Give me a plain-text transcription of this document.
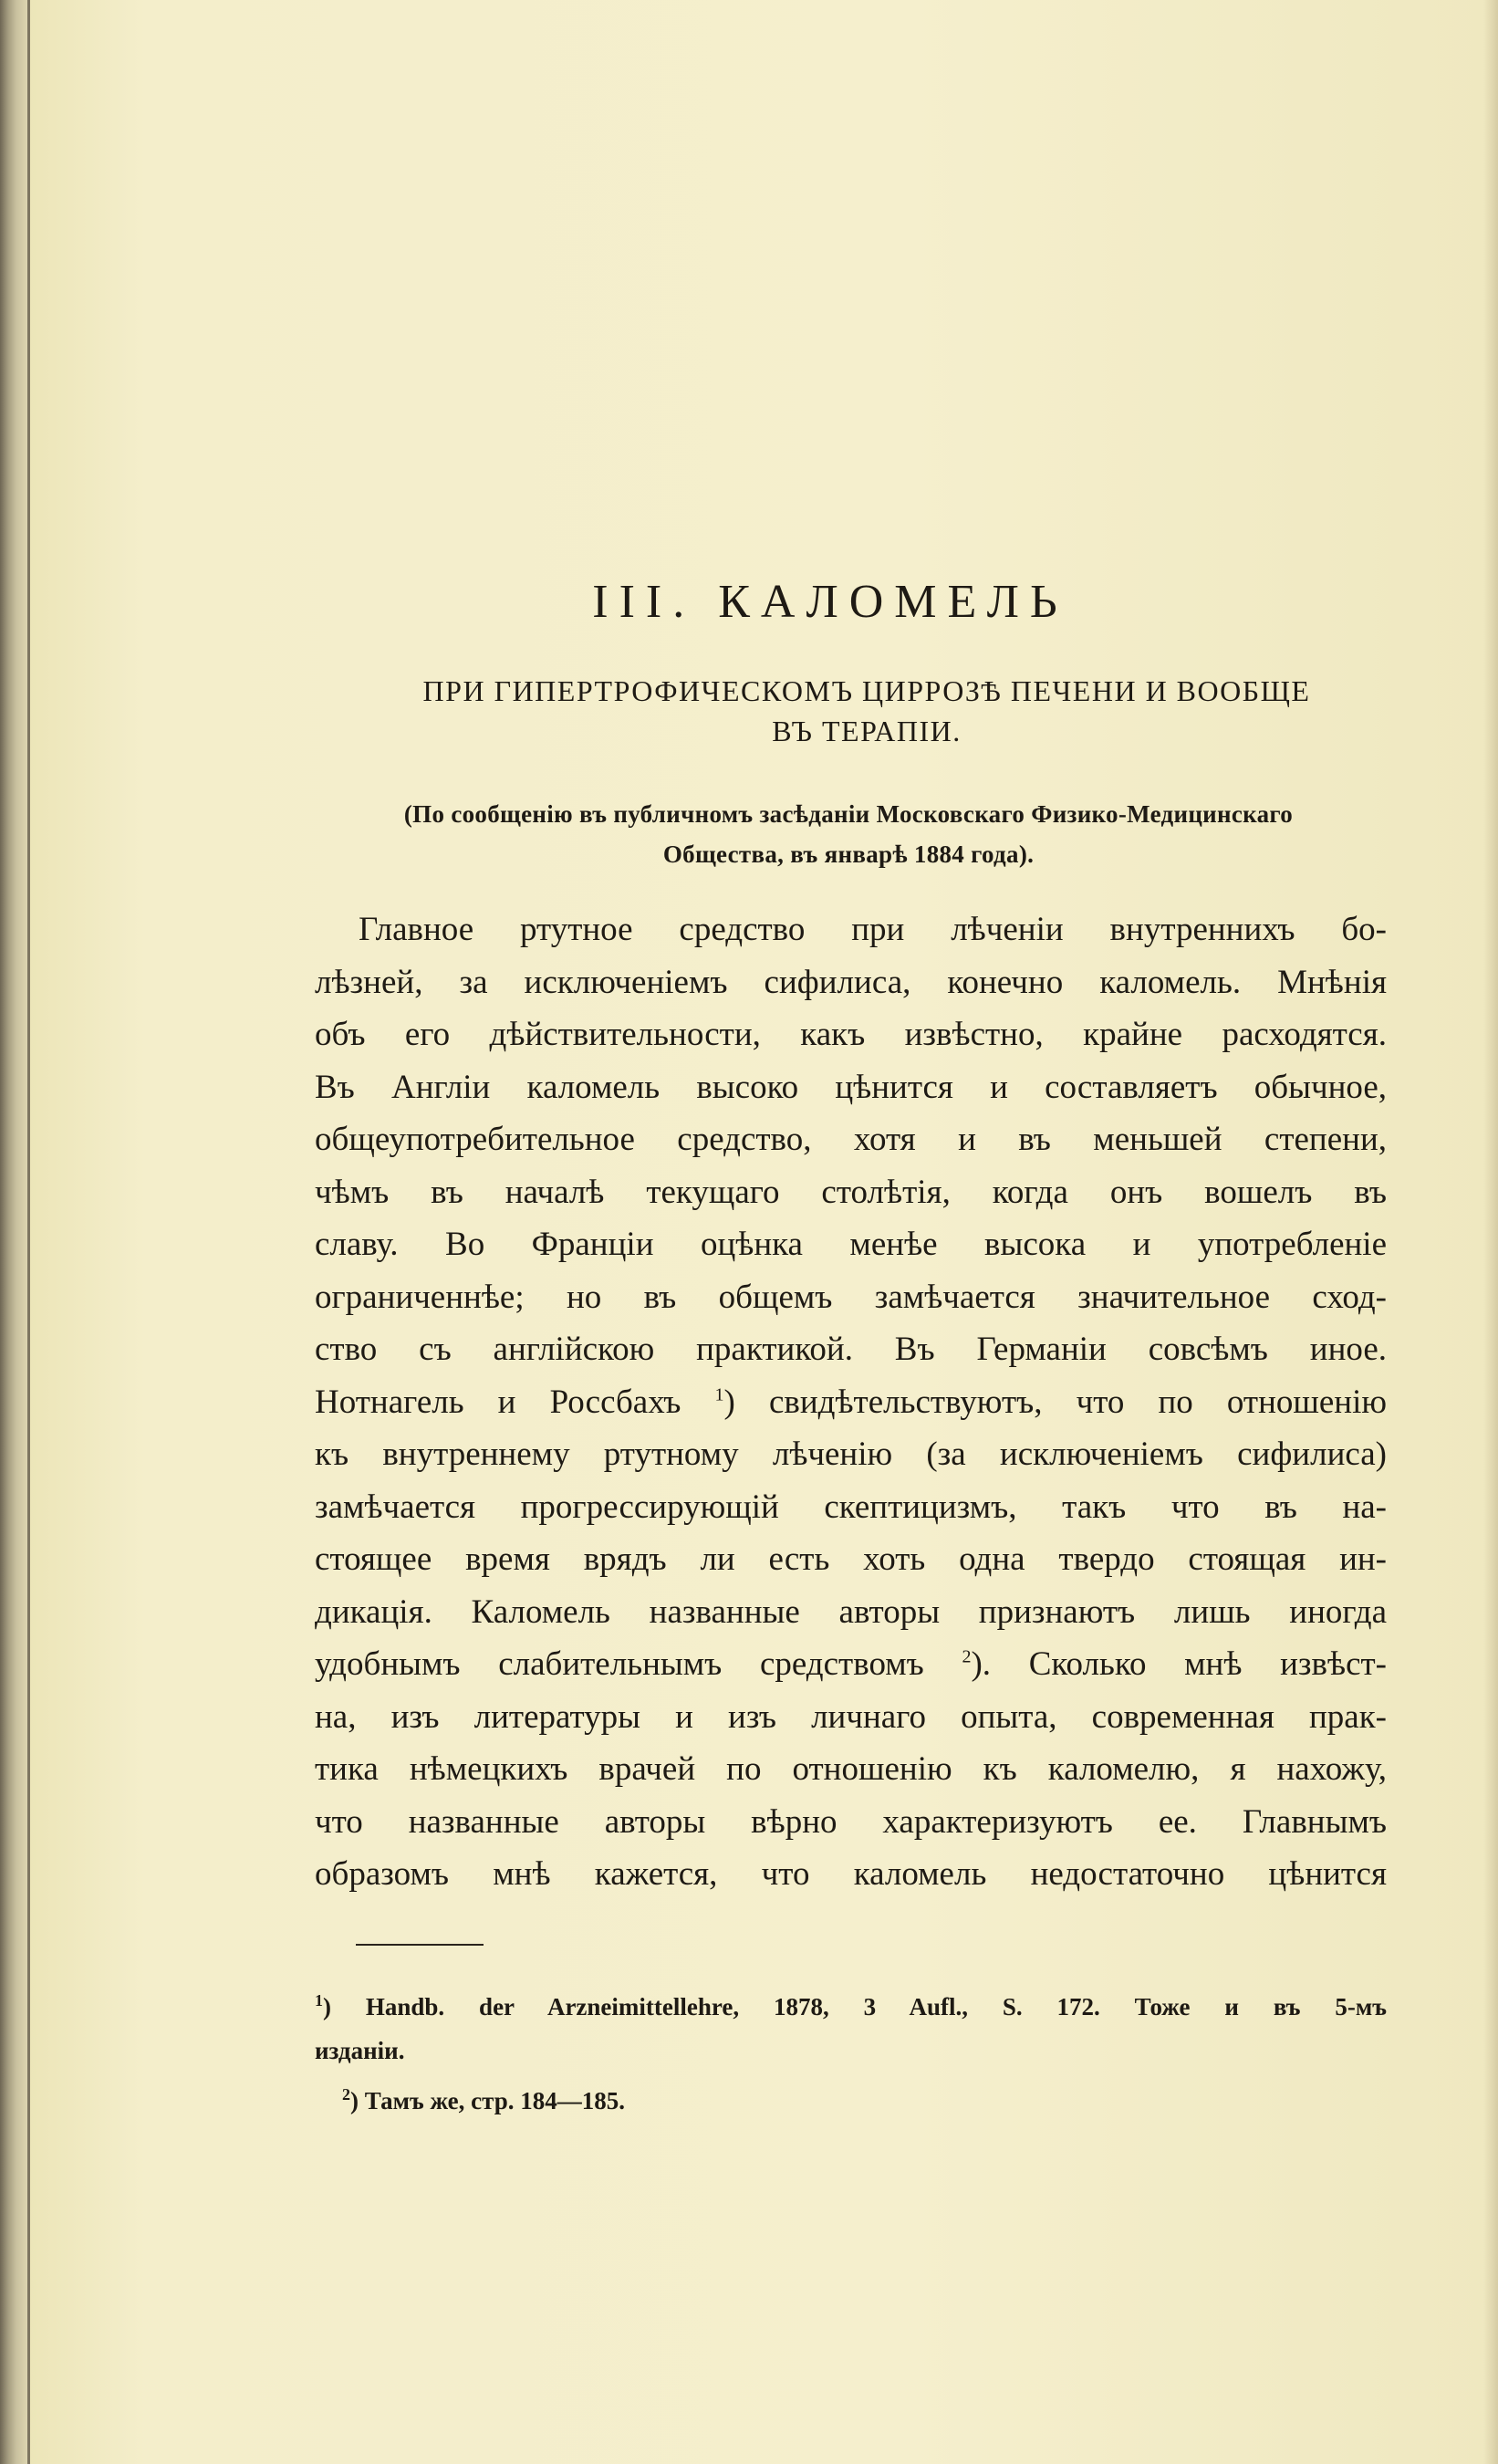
III. КАЛОМЕЛЬ
ПРИ ГИПЕРТРОФИЧЕСКОМЪ ЦИРРОЗѢ ПЕЧЕНИ И ВООБЩЕ
ВЪ ТЕРАПІИ.
(По сообщенію въ публичномъ засѣданіи Московскаго Физико-Медицинскаго
Общества, въ январѣ 1884 года).
Главное ртутное средство при лѣченіи внутреннихъ бо-
лѣзней, за исключеніемъ сифилиса, конечно каломель. Мнѣнія
объ его дѣйствительности, какъ извѣстно, крайне расходятся.
Въ Англіи каломель высоко цѣнится и составляетъ обычное,
общеупотребительное средство, хотя и въ меньшей степени,
чѣмъ въ началѣ текущаго столѣтія, когда онъ вошелъ въ
славу. Во Франціи оцѣнка менѣе высока и употребленіе
ограниченнѣе; но въ общемъ замѣчается значительное сход-
ство съ англійскою практикой. Въ Германіи совсѣмъ иное.
Нотнагель и Россбахъ $^1$) свидѣтельствуютъ, что по отношенію
къ внутреннему ртутному лѣченію (за исключеніемъ сифилиса)
замѣчается прогрессирующій скептицизмъ, такъ что въ на-
стоящее время врядъ ли есть хоть одна твердо стоящая ин-
дикація. Каломель названные авторы признаютъ лишь иногда
удобнымъ слабительнымъ средствомъ $^2$). Сколько мнѣ извѣст-
на, изъ литературы и изъ личнаго опыта, современная прак-
тика нѣмецкихъ врачей по отношенію къ каломелю, я нахожу,
что названные авторы вѣрно характеризуютъ ее. Главнымъ
образомъ мнѣ кажется, что каломель недостаточно цѣнится
$^1$) Handb. der Arzneimittellehre, 1878, 3 Aufl., S. 172. Тоже и въ 5-мъ
изданіи.
$^2$) Тамъ же, стр. 184—185.
